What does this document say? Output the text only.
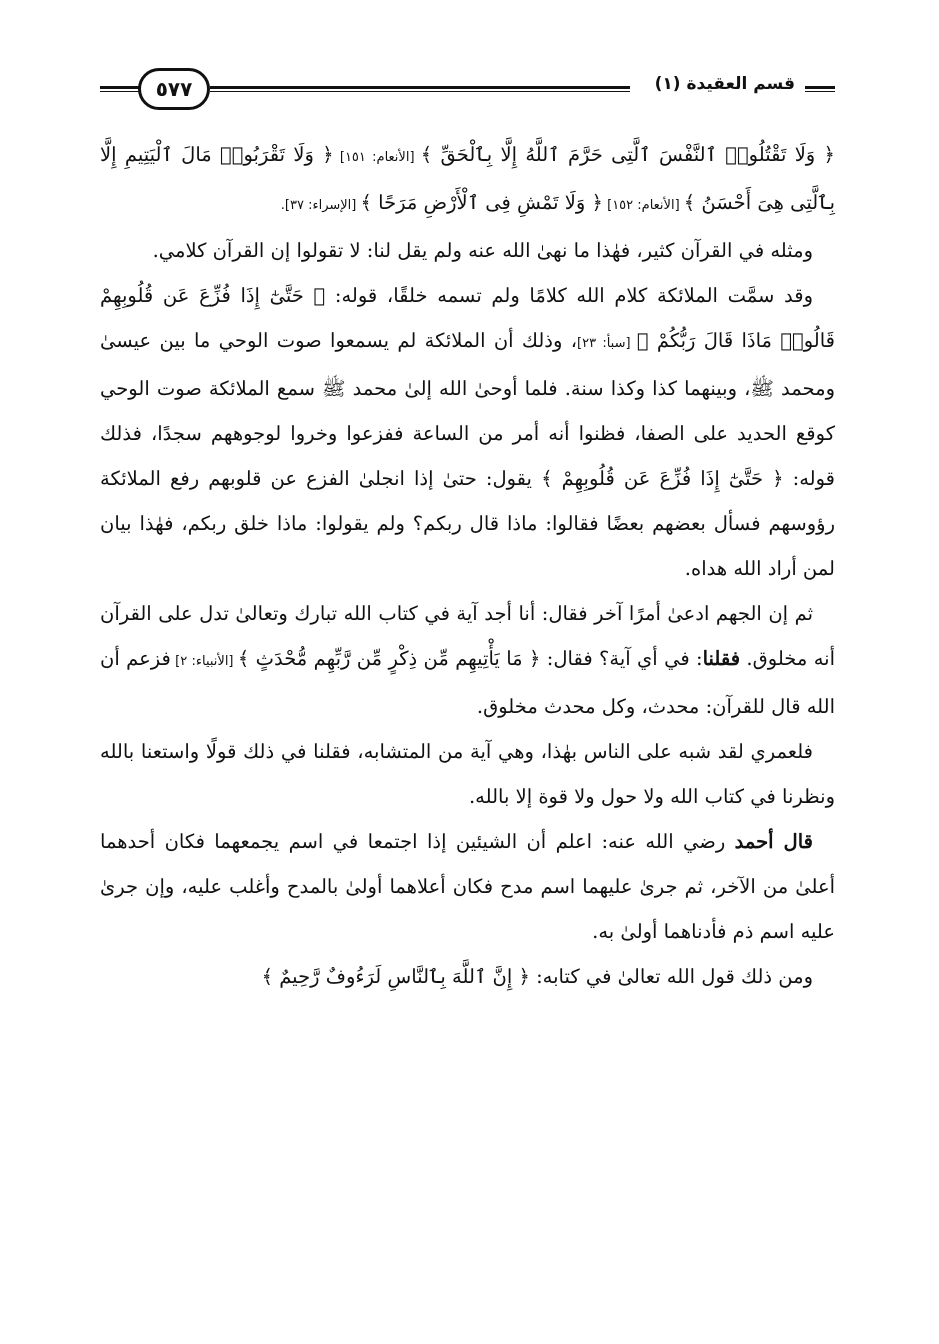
٥٧٧	قسم العقيدة (١)

﴿ وَلَا تَقْتُلُوا۟ ٱلنَّفْسَ ٱلَّتِى حَرَّمَ ٱللَّهُ إِلَّا بِٱلْحَقِّ ﴾ [الأنعام: ١٥١] ﴿ وَلَا تَقْرَبُوا۟ مَالَ ٱلْيَتِيمِ إِلَّا بِٱلَّتِى هِىَ أَحْسَنُ ﴾ [الأنعام: ١٥٢] ﴿ وَلَا تَمْشِ فِى ٱلْأَرْضِ مَرَحًا ﴾ [الإسراء: ٣٧].

ومثله في القرآن كثير، فهٰذا ما نهىٰ الله عنه ولم يقل لنا: لا تقولوا إن القرآن كلامي.

وقد سمَّت الملائكة كلام الله كلامًا ولم تسمه خلقًا، قوله: ﴿ حَتَّىٰٓ إِذَا فُزِّعَ عَن قُلُوبِهِمْ قَالُوا۟ مَاذَا قَالَ رَبُّكُمْ ﴾ [سبأ: ٢٣]، وذلك أن الملائكة لم يسمعوا صوت الوحي ما بين عيسىٰ ومحمد ﷺ، وبينهما كذا وكذا سنة. فلما أوحىٰ الله إلىٰ محمد ﷺ سمع الملائكة صوت الوحي كوقع الحديد على الصفا، فظنوا أنه أمر من الساعة ففزعوا وخروا لوجوههم سجدًا، فذلك قوله: ﴿ حَتَّىٰٓ إِذَا فُزِّعَ عَن قُلُوبِهِمْ ﴾ يقول: حتىٰ إذا انجلىٰ الفزع عن قلوبهم رفع الملائكة رؤوسهم فسأل بعضهم بعضًا فقالوا: ماذا قال ربكم؟ ولم يقولوا: ماذا خلق ربكم، فهٰذا بيان لمن أراد الله هداه.

ثم إن الجهم ادعىٰ أمرًا آخر فقال: أنا أجد آية في كتاب الله تبارك وتعالىٰ تدل على القرآن أنه مخلوق. فقلنا: في أي آية؟ فقال: ﴿ مَا يَأْتِيهِم مِّن ذِكْرٍ مِّن رَّبِّهِم مُّحْدَثٍ ﴾ [الأنبياء: ٢] فزعم أن الله قال للقرآن: محدث، وكل محدث مخلوق.

فلعمري لقد شبه على الناس بهٰذا، وهي آية من المتشابه، فقلنا في ذلك قولًا واستعنا بالله ونظرنا في كتاب الله ولا حول ولا قوة إلا بالله.

قال أحمد رضي الله عنه: اعلم أن الشيئين إذا اجتمعا في اسم يجمعهما فكان أحدهما أعلىٰ من الآخر، ثم جرىٰ عليهما اسم مدح فكان أعلاهما أولىٰ بالمدح وأغلب عليه، وإن جرىٰ عليه اسم ذم فأدناهما أولىٰ به.

ومن ذلك قول الله تعالىٰ في كتابه: ﴿ إِنَّ ٱللَّهَ بِٱلنَّاسِ لَرَءُوفٌ رَّحِيمٌ ﴾
